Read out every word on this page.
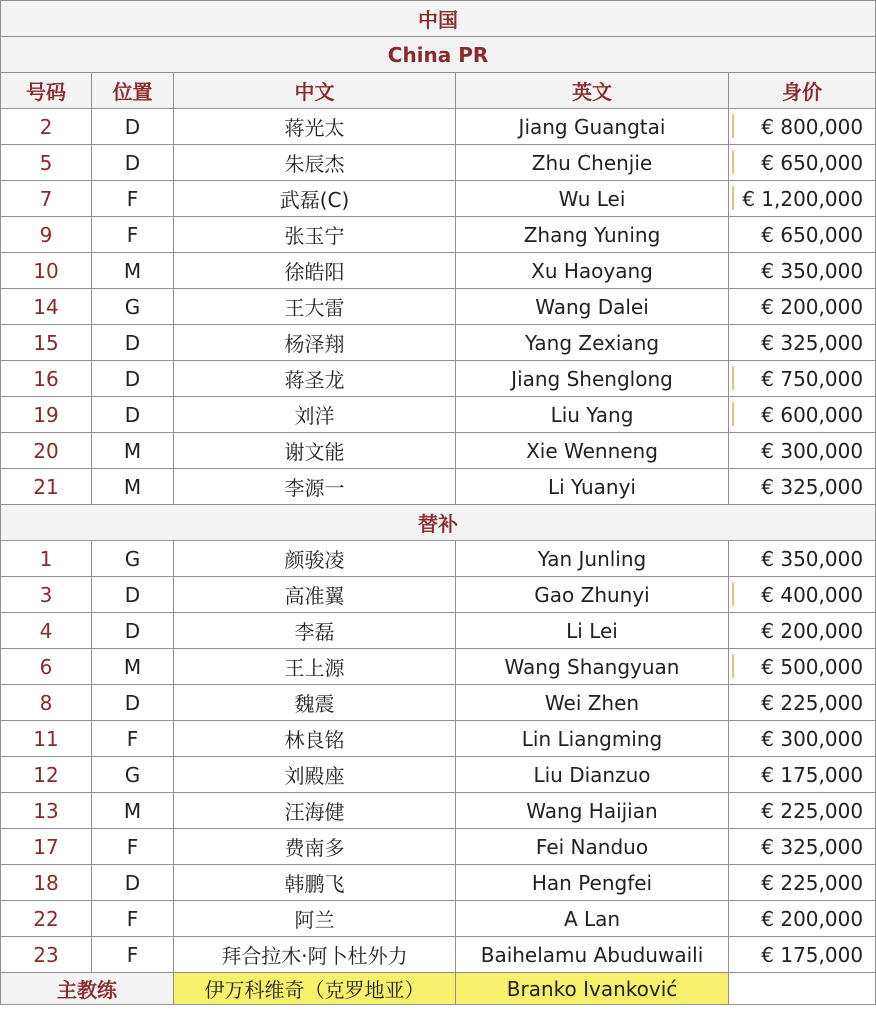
中国				
China PR				
号码	位置	中文	英文	身价
2	D	蒋光太	Jiang Guangtai	€ 800,000
5	D	朱辰杰	Zhu Chenjie	€ 650,000
7	F	武磊(C)	Wu Lei	€ 1,200,000
9	F	张玉宁	Zhang Yuning	€ 650,000
10	M	徐皓阳	Xu Haoyang	€ 350,000
14	G	王大雷	Wang Dalei	€ 200,000
15	D	杨泽翔	Yang Zexiang	€ 325,000
16	D	蒋圣龙	Jiang Shenglong	€ 750,000
19	D	刘洋	Liu Yang	€ 600,000
20	M	谢文能	Xie Wenneng	€ 300,000
21	M	李源一	Li Yuanyi	€ 325,000
替补				
1	G	颜骏凌	Yan Junling	€ 350,000
3	D	高准翼	Gao Zhunyi	€ 400,000
4	D	李磊	Li Lei	€ 200,000
6	M	王上源	Wang Shangyuan	€ 500,000
8	D	魏震	Wei Zhen	€ 225,000
11	F	林良铭	Lin Liangming	€ 300,000
12	G	刘殿座	Liu Dianzuo	€ 175,000
13	M	汪海健	Wang Haijian	€ 225,000
17	F	费南多	Fei Nanduo	€ 325,000
18	D	韩鹏飞	Han Pengfei	€ 225,000
22	F	阿兰	A Lan	€ 200,000
23	F	拜合拉木·阿卜杜外力	Baihelamu Abuduwaili	€ 175,000
主教练		伊万科维奇（克罗地亚）	Branko Ivanković	
